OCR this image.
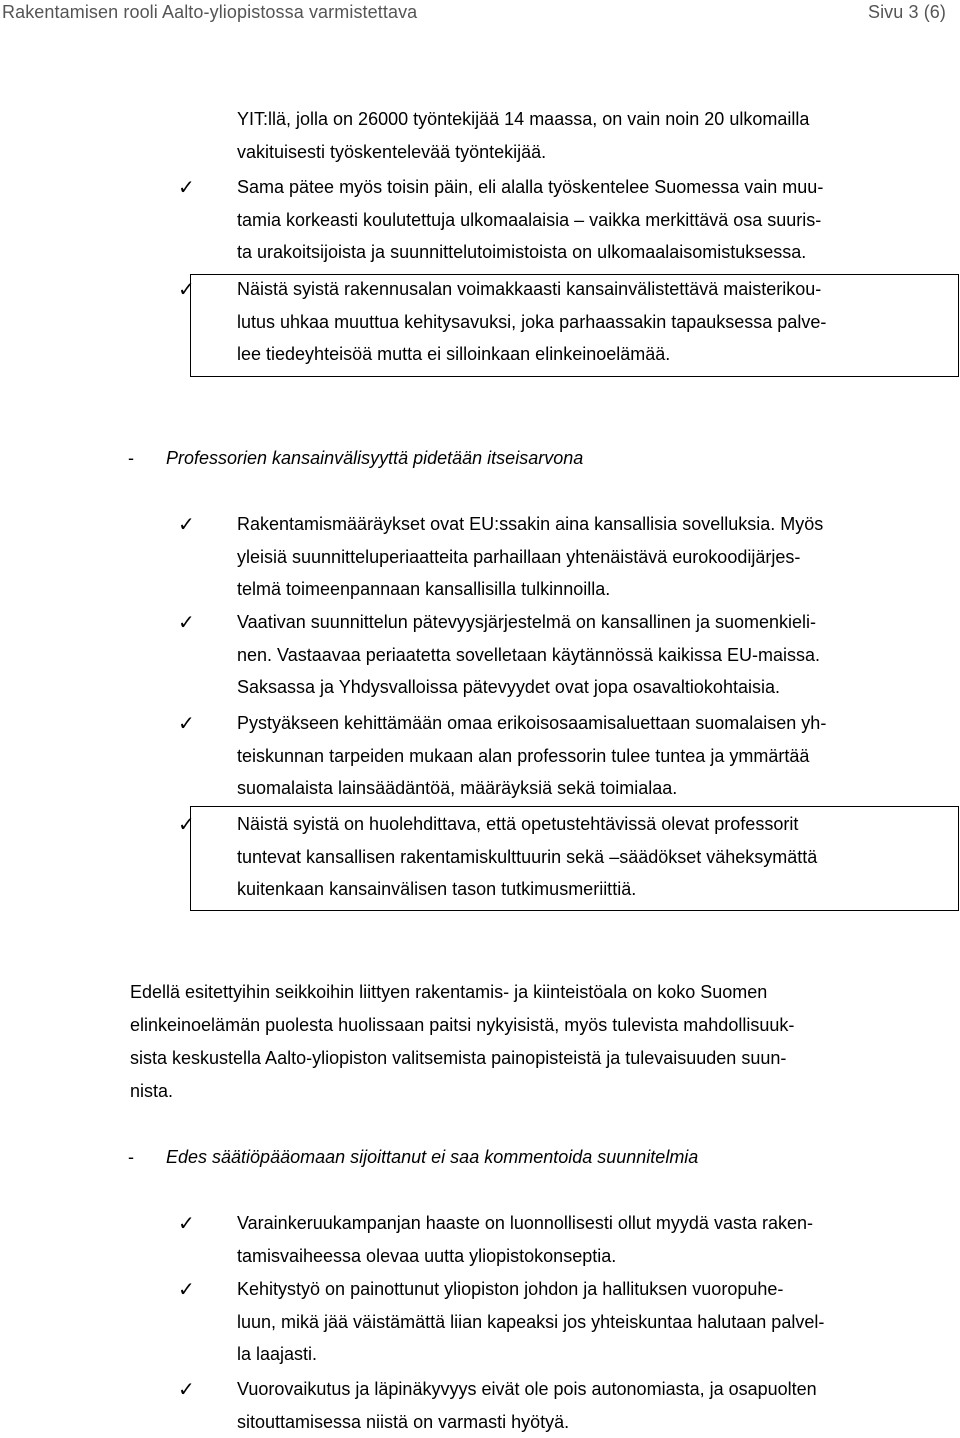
Rakentamisen rooli Aalto-yliopistossa varmistettava	Sivu 3 (6)
YIT:llä, jolla on 26000 työntekijää 14 maassa, on vain noin 20 ulkomailla
vakituisesti työskentelevää työntekijää.
✓ Sama pätee myös toisin päin, eli alalla työskentelee Suomessa vain muu-
tamia korkeasti koulutettuja ulkomaalaisia – vaikka merkittävä osa suuris-
ta urakoitsijoista ja suunnittelutoimistoista on ulkomaalaisomistuksessa.
✓ Näistä syistä rakennusalan voimakkaasti kansainvälistettävä maisterikou-
lutus uhkaa muuttua kehitysavuksi, joka parhaassakin tapauksessa palve-
lee tiedeyhteisöä mutta ei silloinkaan elinkeinoelämää.
- Professorien kansainvälisyyttä pidetään itseisarvona
✓ Rakentamismääräykset ovat EU:ssakin aina kansallisia sovelluksia. Myös
yleisiä suunnitteluperiaatteita parhaillaan yhtenäistävä eurokoodijärjes-
telmä toimeenpannaan kansallisilla tulkinnoilla.
✓ Vaativan suunnittelun pätevyysjärjestelmä on kansallinen ja suomenkieli-
nen. Vastaavaa periaatetta sovelletaan käytännössä kaikissa EU-maissa.
Saksassa ja Yhdysvalloissa pätevyydet ovat jopa osavaltiokohtaisia.
✓ Pystyäkseen kehittämään omaa erikoisosaamisaluettaan suomalaisen yh-
teiskunnan tarpeiden mukaan alan professorin tulee tuntea ja ymmärtää
suomalaista lainsäädäntöä, määräyksiä sekä toimialaa.
✓ Näistä syistä on huolehdittava, että opetustehtävissä olevat professorit
tuntevat kansallisen rakentamiskulttuurin sekä –säädökset väheksymättä
kuitenkaan kansainvälisen tason tutkimusmeriittiä.
Edellä esitettyihin seikkoihin liittyen rakentamis- ja kiinteistöala on koko Suomen
elinkeinoelämän puolesta huolissaan paitsi nykyisistä, myös tulevista mahdollisuuk-
sista keskustella Aalto-yliopiston valitsemista painopisteistä ja tulevaisuuden suun-
nista.
- Edes säätiöpääomaan sijoittanut ei saa kommentoida suunnitelmia
✓ Varainkeruukampanjan haaste on luonnollisesti ollut myydä vasta raken-
tamisvaiheessa olevaa uutta yliopistokonseptia.
✓ Kehitystyö on painottunut yliopiston johdon ja hallituksen vuoropuhe-
luun, mikä jää väistämättä liian kapeaksi jos yhteiskuntaa halutaan palvel-
la laajasti.
✓ Vuorovaikutus ja läpinäkyvyys eivät ole pois autonomiasta, ja osapuolten
sitouttamisessa niistä on varmasti hyötyä.
